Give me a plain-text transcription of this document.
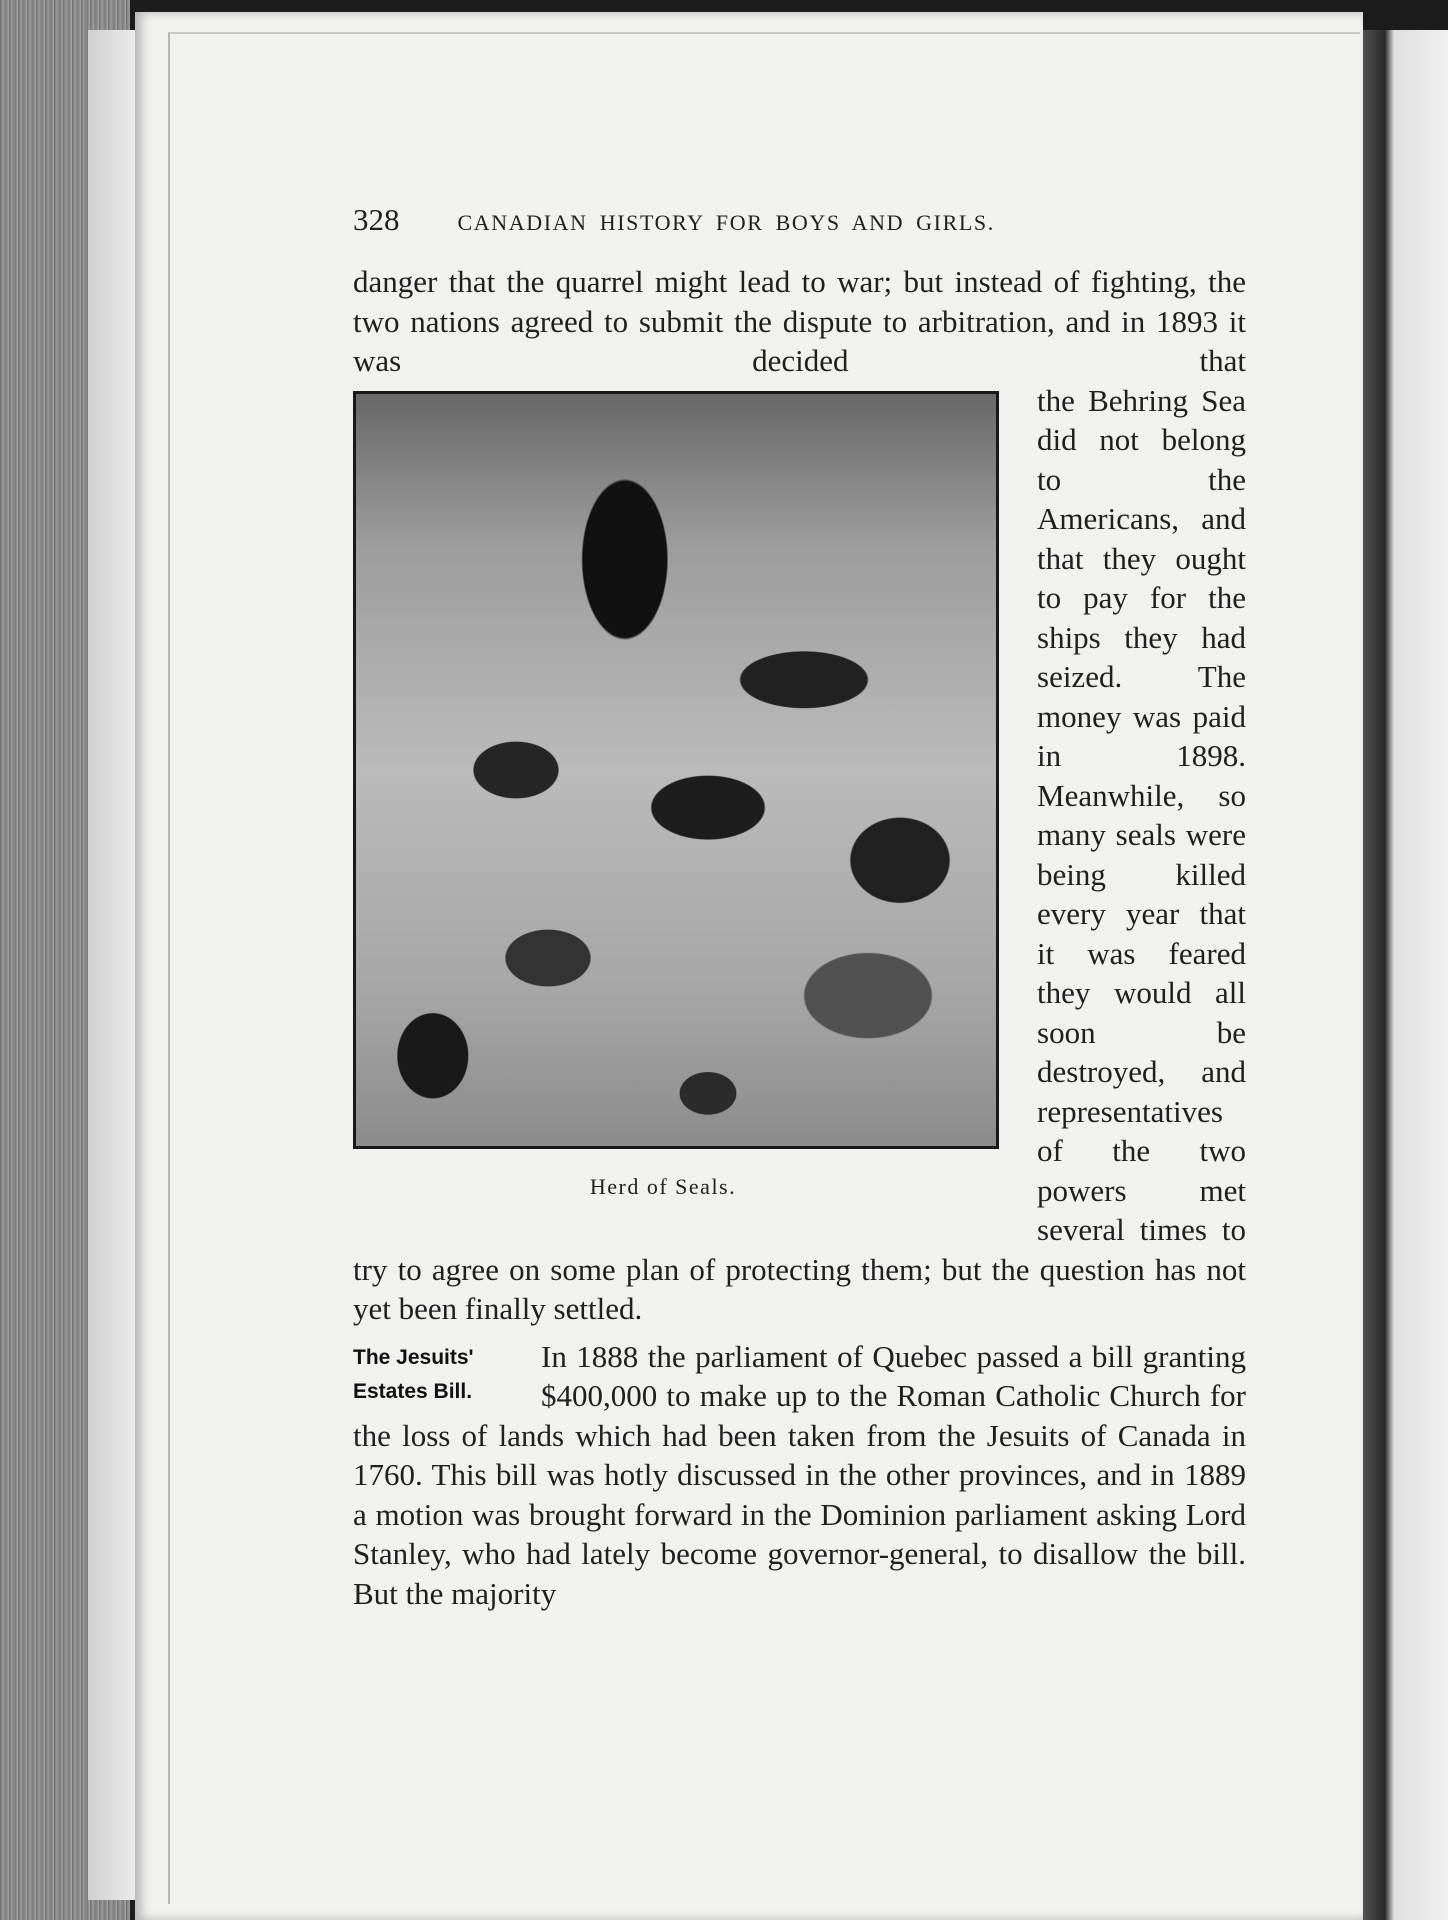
328	CANADIAN HISTORY FOR BOYS AND GIRLS.

danger that the quarrel might lead to war; but instead of fighting, the two nations agreed to submit the dispute to arbitration, and in 1893 it was decided that

Herd of Seals.

the Behring Sea did not belong to the Americans, and that they ought to pay for the ships they had seized. The money was paid in 1898. Meanwhile, so many seals were being killed every year that it was feared they would all soon be destroyed, and representatives of the two powers met several times to try to agree on some plan of protecting them; but the question has not yet been finally settled.

The Jesuits'
Estates Bill.

In 1888 the parliament of Quebec passed a bill granting $400,000 to make up to the Roman Catholic Church for the loss of lands which had been taken from the Jesuits of Canada in 1760. This bill was hotly discussed in the other provinces, and in 1889 a motion was brought forward in the Dominion parliament asking Lord Stanley, who had lately become governor-general, to disallow the bill. But the majority
